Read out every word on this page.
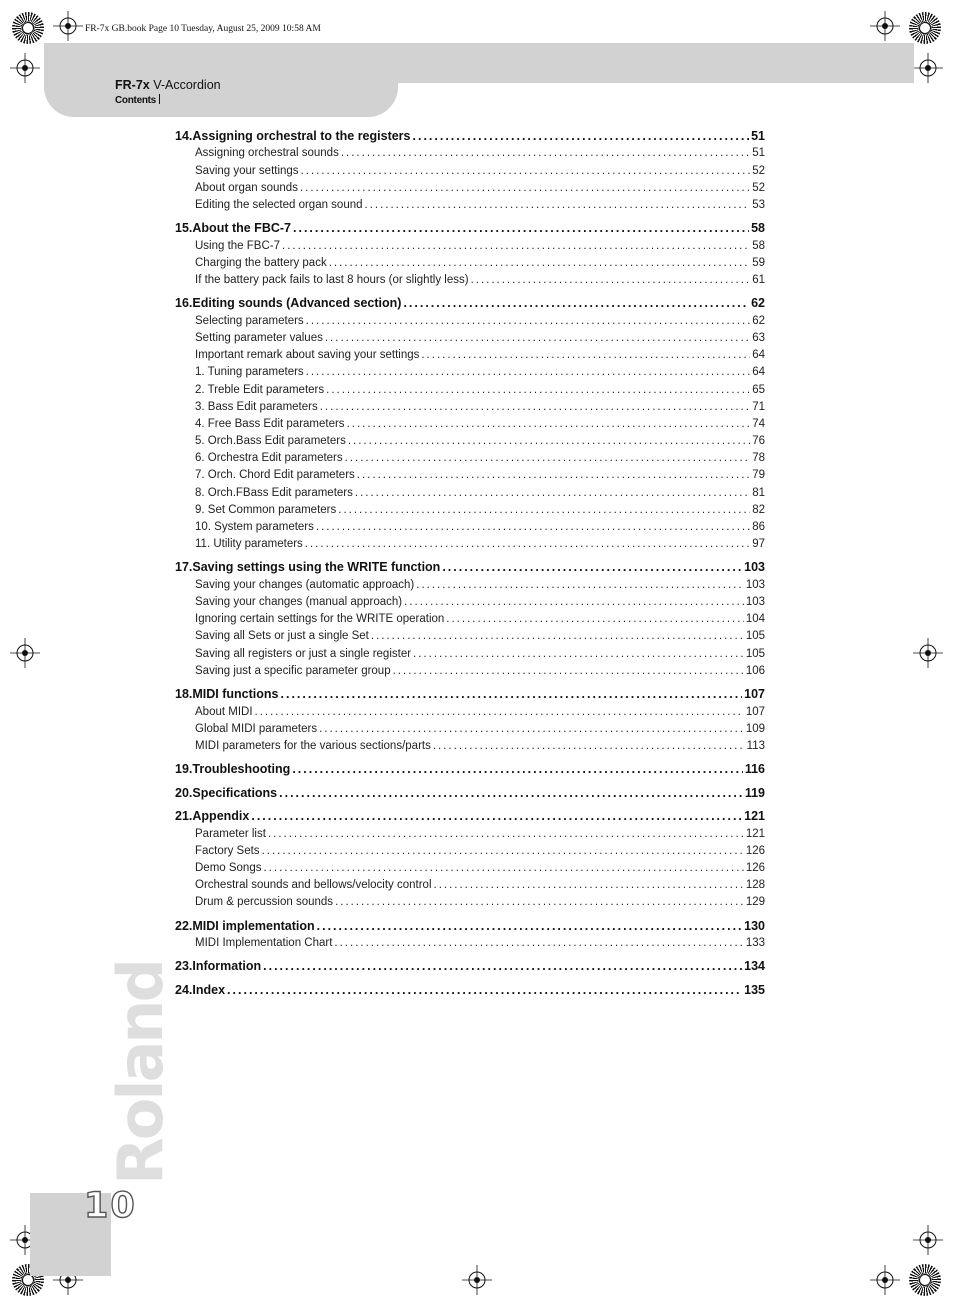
FR-7x GB.book Page 10 Tuesday, August 25, 2009 10:58 AM
FR-7x V-Accordion
Contents
14. Assigning orchestral to the registers .....	51
Assigning orchestral sounds .....	51
Saving your settings .....	52
About organ sounds .....	52
Editing the selected organ sound .....	53
15. About the FBC-7 .....	58
Using the FBC-7 .....	58
Charging the battery pack .....	59
If the battery pack fails to last 8 hours (or slightly less) .....	61
16. Editing sounds (Advanced section) .....	62
Selecting parameters .....	62
Setting parameter values .....	63
Important remark about saving your settings .....	64
1. Tuning parameters .....	64
2. Treble Edit parameters .....	65
3. Bass Edit parameters .....	71
4. Free Bass Edit parameters .....	74
5. Orch.Bass Edit parameters .....	76
6. Orchestra Edit parameters .....	78
7. Orch. Chord Edit parameters .....	79
8. Orch.FBass Edit parameters .....	81
9. Set Common parameters .....	82
10. System parameters .....	86
11. Utility parameters .....	97
17. Saving settings using the WRITE function .....	103
Saving your changes (automatic approach) .....	103
Saving your changes (manual approach) .....	103
Ignoring certain settings for the WRITE operation .....	104
Saving all Sets or just a single Set .....	105
Saving all registers or just a single register .....	105
Saving just a specific parameter group .....	106
18. MIDI functions .....	107
About MIDI .....	107
Global MIDI parameters .....	109
MIDI parameters for the various sections/parts .....	113
19. Troubleshooting .....	116
20. Specifications .....	119
21. Appendix .....	121
Parameter list .....	121
Factory Sets .....	126
Demo Songs .....	126
Orchestral sounds and bellows/velocity control .....	128
Drum & percussion sounds .....	129
22. MIDI implementation .....	130
MIDI Implementation Chart .....	133
23. Information .....	134
24. Index .....	135
Roland
10
